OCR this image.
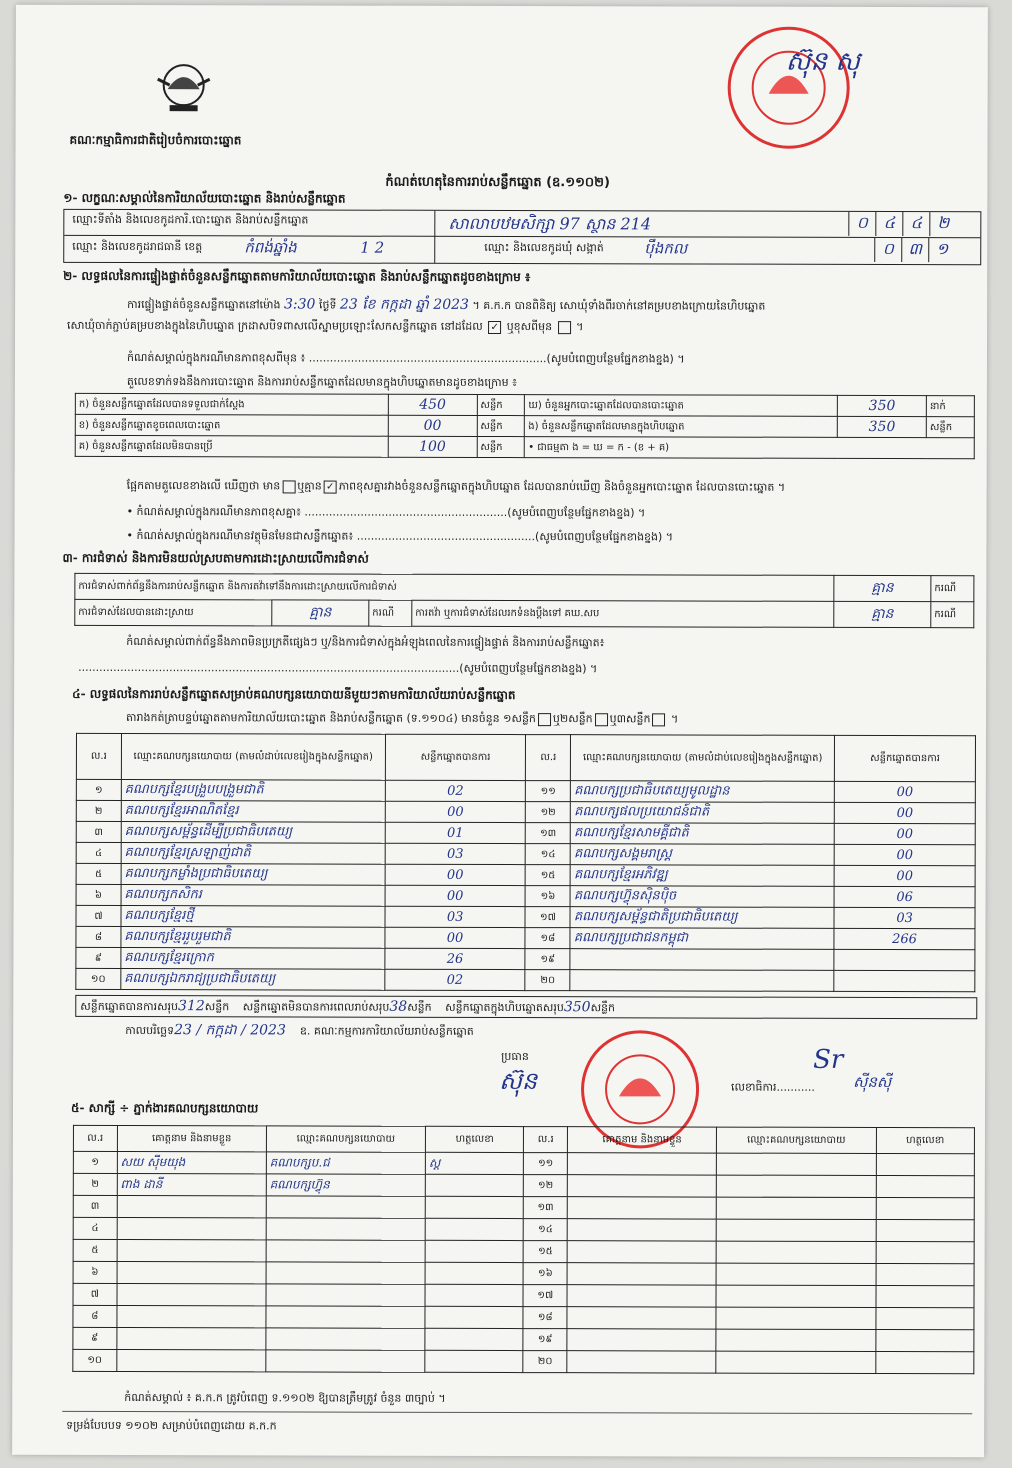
គណៈកម្មាធិការជាតិរៀបចំការបោះឆ្នោត
ស៊ុន សុ
កំណត់ហេតុនៃការរាប់សន្លឹកឆ្នោត (ឧ.១១០២)
១- លក្ខណៈសម្គាល់នៃការិយាល័យបោះឆ្នោត និងរាប់សន្លឹកឆ្នោត
ឈ្មោះទីតាំង និងលេខកូដការិ.បោះឆ្នោត និងរាប់សន្លឹកឆ្នោត	សាលាបឋមសិក្សា 97 ស្ថាន 214	០ ៤ ៤ ២
ឈ្មោះ និងលេខកូដរាជធានី ខេត្ត	កំពង់ឆ្នាំង	1 2	ឈ្មោះ និងលេខកូដឃុំ សង្កាត់	ប៉ឹងកល	០ ៣ ១
២- លទ្ធផលនៃការផ្ទៀងផ្ទាត់ចំនួនសន្លឹកឆ្នោតតាមការិយាល័យបោះឆ្នោត និងរាប់សន្លឹកឆ្នោតដូចខាងក្រោម ៖
ការផ្ទៀងផ្ទាត់ចំនួនសន្លឹកឆ្នោតនៅម៉ោង 3:30 ថ្ងៃទី 23 ខែ កក្កដា ឆ្នាំ 2023 ។ គ.ក.ក បានពិនិត្យ សោឃុំទាំងពីរចាក់នៅគម្របខាងក្រោយនៃហិបឆ្នោត
សោឃុំចាក់ភ្ជាប់គម្របខាងក្នុងនៃហិបឆ្នោត ក្រដាសបិទពាសលើស្នាមប្រឡោះសែកសន្លឹកឆ្នោត នៅដដែល ✓ ឬខុសពីមុន  ។
កំណត់សម្គាល់ក្នុងករណីមានភាពខុសពីមុន ៖ ....................................................................(សូមបំពេញបន្ថែមផ្នែកខាងខ្នង) ។
តួលេខទាក់ទងនឹងការបោះឆ្នោត និងការរាប់សន្លឹកឆ្នោតដែលមានក្នុងហិបឆ្នោតមានដូចខាងក្រោម ៖
ក) ចំនួនសន្លឹកឆ្នោតដែលបានទទួលជាក់ស្តែង	450	សន្លឹក	ឃ) ចំនួនអ្នកបោះឆ្នោតដែលបានបោះឆ្នោត	350	នាក់
ខ) ចំនួនសន្លឹកឆ្នោតខូចពេលបោះឆ្នោត	00	សន្លឹក	ង) ចំនួនសន្លឹកឆ្នោតដែលមានក្នុងហិបឆ្នោត	350	សន្លឹក
គ) ចំនួនសន្លឹកឆ្នោតដែលមិនបានប្រើ	100	សន្លឹក	• ជាធម្មតា ង = ឃ = ក - (ខ + គ)		
ផ្អែកតាមតួលេខខាងលើ ឃើញថា មាន ឬគ្មាន ✓ ភាពខុសគ្នារវាងចំនួនសន្លឹកឆ្នោតក្នុងហិបឆ្នោត ដែលបានរាប់ឃើញ និងចំនួនអ្នកបោះឆ្នោត ដែលបានបោះឆ្នោត ។
• កំណត់សម្គាល់ក្នុងករណីមានភាពខុសគ្នា៖ ..........................................................(សូមបំពេញបន្ថែមផ្នែកខាងខ្នង) ។
• កំណត់សម្គាល់ក្នុងករណីមានវត្ថុមិនមែនជាសន្លឹកឆ្នោត៖ ...................................................(សូមបំពេញបន្ថែមផ្នែកខាងខ្នង) ។
៣- ការជំទាស់ និងការមិនយល់ស្របតាមការដោះស្រាយលើការជំទាស់
ការជំទាស់ពាក់ព័ន្ធនឹងការរាប់សន្លឹកឆ្នោត និងការតវ៉ាទៅនឹងការដោះស្រាយលើការជំទាស់				គ្មាន	ករណី
ការជំទាស់ដែលបានដោះស្រាយ	គ្មាន	ករណី	ការតវ៉ា ឬការជំទាស់ដែលរកទំនងប្តឹងទៅ គឃ.សប	គ្មាន	ករណី
កំណត់សម្គាល់ពាក់ព័ន្ធនឹងភាពមិនប្រក្រតីផ្សេងៗ ឬ/និងការជំទាស់ក្នុងអំឡុងពេលនៃការផ្ទៀងផ្ទាត់ និងការរាប់សន្លឹកឆ្នោត៖
.............................................................................................................(សូមបំពេញបន្ថែមផ្នែកខាងខ្នង) ។
៤- លទ្ធផលនៃការរាប់សន្លឹកឆ្នោតសម្រាប់គណបក្សនយោបាយនីមួយៗតាមការិយាល័យរាប់សន្លឹកឆ្នោត
តារាងកត់ត្រាបន្ទប់ឆ្នោតតាមការិយាល័យបោះឆ្នោត និងរាប់សន្លឹកឆ្នោត (ទ.១១០៤) មានចំនួន ១សន្លឹក ឬ២សន្លឹក ឬ៣សន្លឹក ។
ល.រ	ឈ្មោះគណបក្សនយោបាយ (តាមលំដាប់លេខរៀងក្នុងសន្លឹកឆ្នោត)	សន្លឹកឆ្នោតបានការ	ល.រ	ឈ្មោះគណបក្សនយោបាយ (តាមលំដាប់លេខរៀងក្នុងសន្លឹកឆ្នោត)	សន្លឹកឆ្នោតបានការ
១	គណបក្សខ្មែរបង្រួបបង្រួមជាតិ	02	១១	គណបក្សប្រជាធិបតេយ្យមូលដ្ឋាន	00
២	គណបក្សខ្មែរអាណិតខ្មែរ	00	១២	គណបក្សផលប្រយោជន៍ជាតិ	00
៣	គណបក្សសម្ព័ន្ធដើម្បីប្រជាធិបតេយ្យ	01	១៣	គណបក្សខ្មែរសាមគ្គីជាតិ	00
៤	គណបក្សខ្មែរស្រឡាញ់ជាតិ	03	១៤	គណបក្សសង្គមរាស្ត្រ	00
៥	គណបក្សកម្លាំងប្រជាធិបតេយ្យ	00	១៥	គណបក្សខ្មែរអភិវឌ្ឍ	00
៦	គណបក្សកសិករ	00	១៦	គណបក្សហ៊្វុនស៊ិនប៉ិច	06
៧	គណបក្សខ្មែរថ្មី	03	១៧	គណបក្សសម្ព័ន្ធជាតិប្រជាធិបតេយ្យ	03
៨	គណបក្សខ្មែររួបរួមជាតិ	00	១៨	គណបក្សប្រជាជនកម្ពុជា	266
៩	គណបក្សខ្មែរក្រោក	26	១៩		
១០	គណបក្សឯករាជ្យប្រជាធិបតេយ្យ	02	២០		
សន្លឹកឆ្នោតបានការសរុប312សន្លឹក សន្លឹកឆ្នោតមិនបានការពេលរាប់សរុប38សន្លឹក សន្លឹកឆ្នោតក្នុងហិបឆ្នោតសរុប350សន្លឹក
កាលបរិច្ឆេទ23 / កក្កដា / 2023 ឧ. គណៈកម្មការការិយាល័យរាប់សន្លឹកឆ្នោត
ប្រធាន
ស៊ុន	លេខាធិការ...........
Sr
ស៊ីនសុី
៥- សាក្សី ÷ ភ្នាក់ងារគណបក្សនយោបាយ
ល.រ	គោត្តនាម និងនាមខ្លួន	ឈ្មោះគណបក្សនយោបាយ	ហត្ថលេខា	ល.រ	គោត្តនាម និងនាមខ្លួន	ឈ្មោះគណបក្សនយោបាយ	ហត្ថលេខា
១	សយ ស៊ីមយុង	គណបក្សប.ជ	ស្ត	១១			
២	ពាង ដានី	គណបក្សហ៊្វុន		១២			
៣				១៣			
៤				១៤			
៥				១៥			
៦				១៦			
៧				១៧			
៨				១៨			
៩				១៩			
១០				២០			
កំណត់សម្គាល់ ៖ គ.ក.ក ត្រូវបំពេញ ទ.១១០២ ឱ្យបានត្រឹមត្រូវ ចំនួន ៣ច្បាប់ ។
ទម្រង់បែបបទ ១១០២ សម្រាប់បំពេញដោយ គ.ក.ក
